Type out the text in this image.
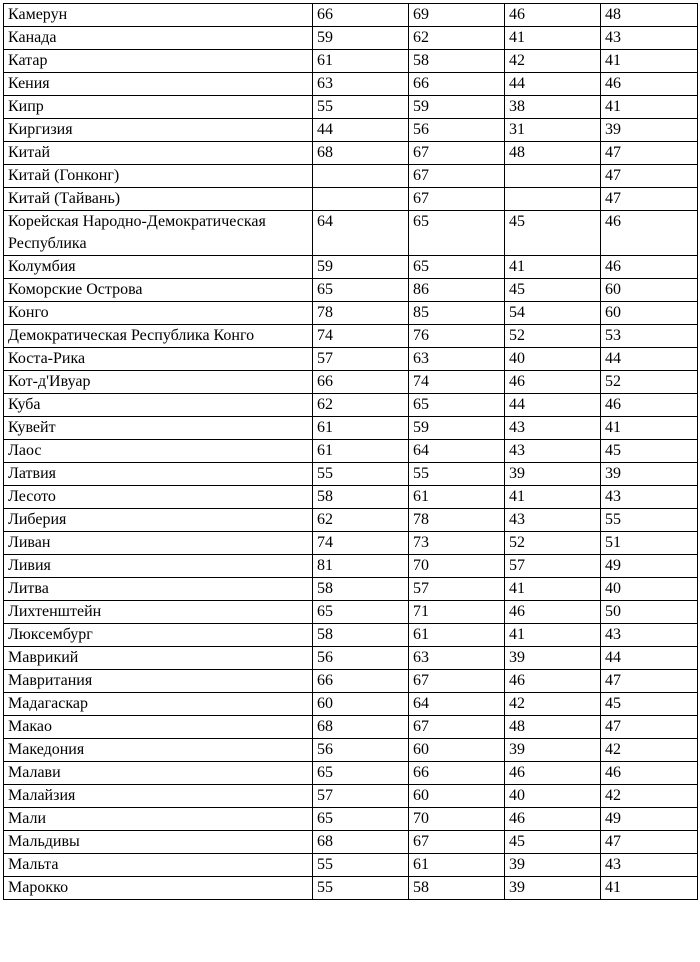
Камерун	66	69	46	48
Канада	59	62	41	43
Катар	61	58	42	41
Кения	63	66	44	46
Кипр	55	59	38	41
Киргизия	44	56	31	39
Китай	68	67	48	47
Китай (Гонконг)		67		47
Китай (Тайвань)		67		47
Корейская Народно-Демократическая Республика	64	65	45	46
Колумбия	59	65	41	46
Коморские Острова	65	86	45	60
Конго	78	85	54	60
Демократическая Республика Конго	74	76	52	53
Коста-Рика	57	63	40	44
Кот-д'Ивуар	66	74	46	52
Куба	62	65	44	46
Кувейт	61	59	43	41
Лаос	61	64	43	45
Латвия	55	55	39	39
Лесото	58	61	41	43
Либерия	62	78	43	55
Ливан	74	73	52	51
Ливия	81	70	57	49
Литва	58	57	41	40
Лихтенштейн	65	71	46	50
Люксембург	58	61	41	43
Маврикий	56	63	39	44
Мавритания	66	67	46	47
Мадагаскар	60	64	42	45
Макао	68	67	48	47
Македония	56	60	39	42
Малави	65	66	46	46
Малайзия	57	60	40	42
Мали	65	70	46	49
Мальдивы	68	67	45	47
Мальта	55	61	39	43
Марокко	55	58	39	41
